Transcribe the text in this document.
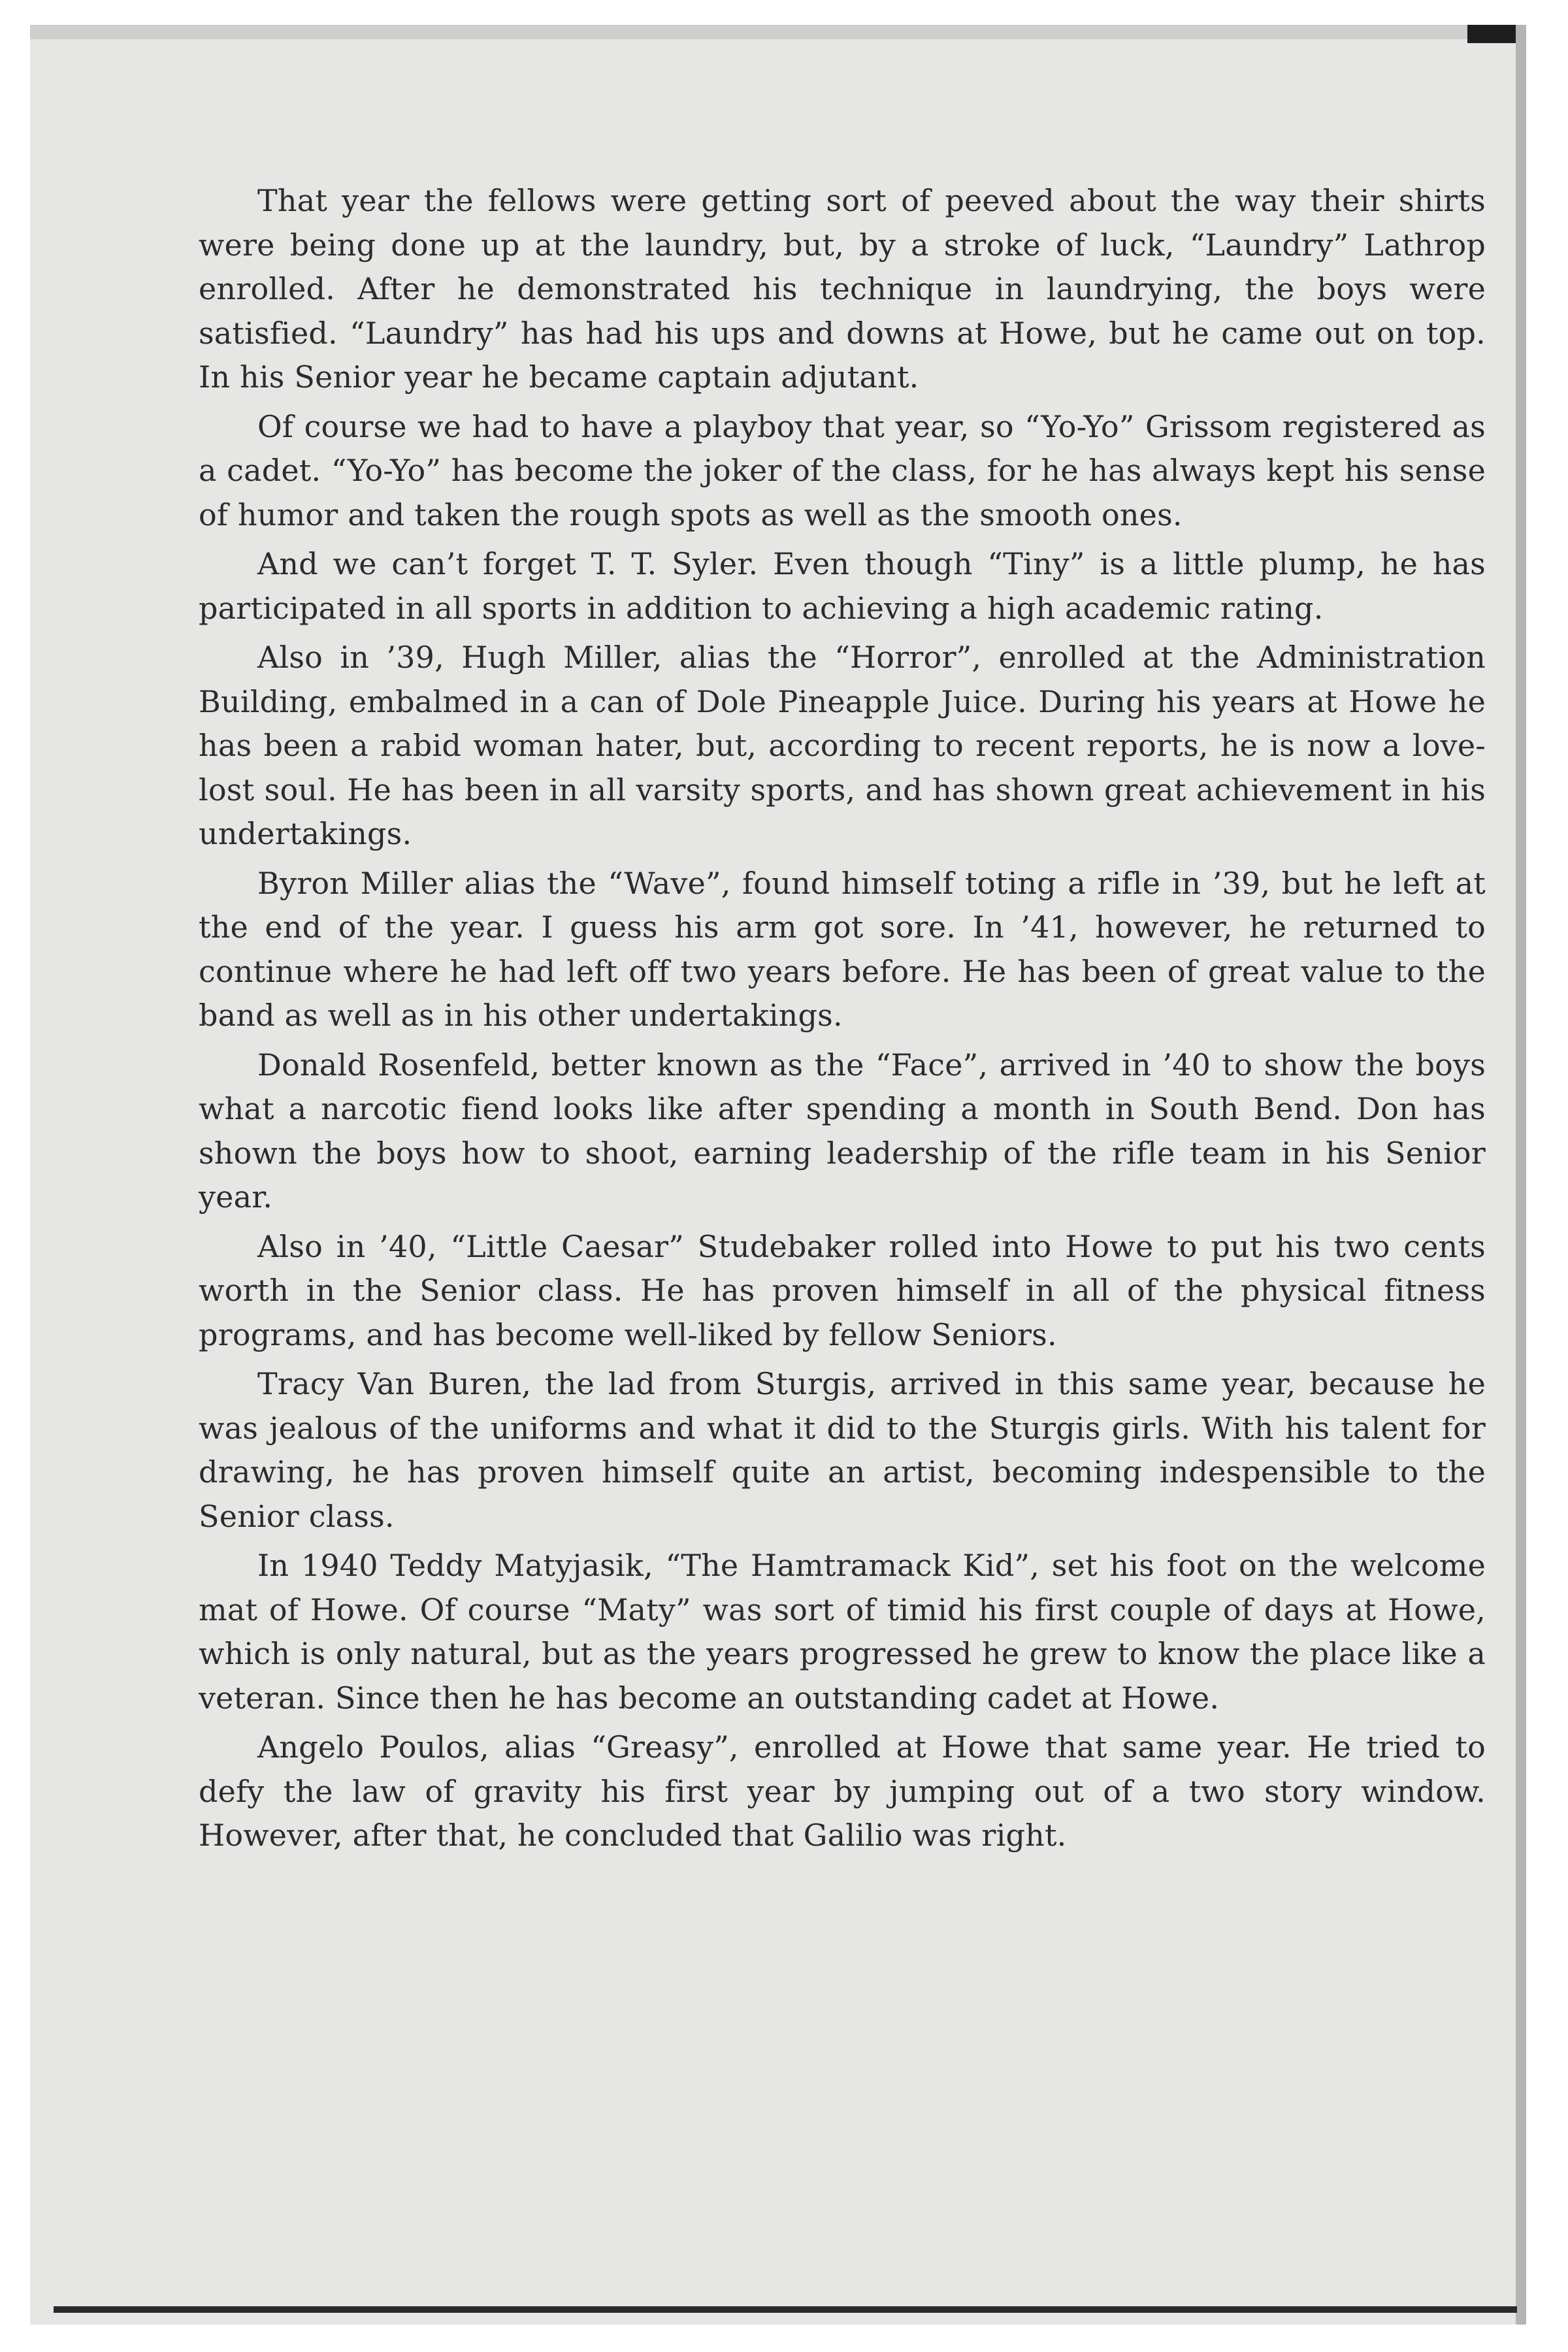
That year the fellows were getting sort of peeved about the way their shirts were being done up at the laundry, but, by a stroke of luck, “Laundry” Lathrop enrolled. After he demonstrated his technique in laundrying, the boys were satisfied. “Laundry” has had his ups and downs at Howe, but he came out on top. In his Senior year he became captain adjutant.

Of course we had to have a playboy that year, so “Yo-Yo” Grissom registered as a cadet. “Yo-Yo” has become the joker of the class, for he has always kept his sense of humor and taken the rough spots as well as the smooth ones.

And we can’t forget T. T. Syler. Even though “Tiny” is a little plump, he has participated in all sports in addition to achieving a high academic rating.

Also in ’39, Hugh Miller, alias the “Horror”, enrolled at the Administration Building, embalmed in a can of Dole Pineapple Juice. During his years at Howe he has been a rabid woman hater, but, according to recent reports, he is now a love-lost soul. He has been in all varsity sports, and has shown great achievement in his undertakings.

Byron Miller alias the “Wave”, found himself toting a rifle in ’39, but he left at the end of the year. I guess his arm got sore. In ’41, however, he returned to continue where he had left off two years before. He has been of great value to the band as well as in his other undertakings.

Donald Rosenfeld, better known as the “Face”, arrived in ’40 to show the boys what a narcotic fiend looks like after spending a month in South Bend. Don has shown the boys how to shoot, earning leadership of the rifle team in his Senior year.

Also in ’40, “Little Caesar” Studebaker rolled into Howe to put his two cents worth in the Senior class. He has proven himself in all of the physical fitness programs, and has become well-liked by fellow Seniors.

Tracy Van Buren, the lad from Sturgis, arrived in this same year, because he was jealous of the uniforms and what it did to the Sturgis girls. With his talent for drawing, he has proven himself quite an artist, becoming indespensible to the Senior class.

In 1940 Teddy Matyjasik, “The Hamtramack Kid”, set his foot on the welcome mat of Howe. Of course “Maty” was sort of timid his first couple of days at Howe, which is only natural, but as the years progressed he grew to know the place like a veteran. Since then he has become an outstanding cadet at Howe.

Angelo Poulos, alias “Greasy”, enrolled at Howe that same year. He tried to defy the law of gravity his first year by jumping out of a two story window. However, after that, he concluded that Galilio was right.
